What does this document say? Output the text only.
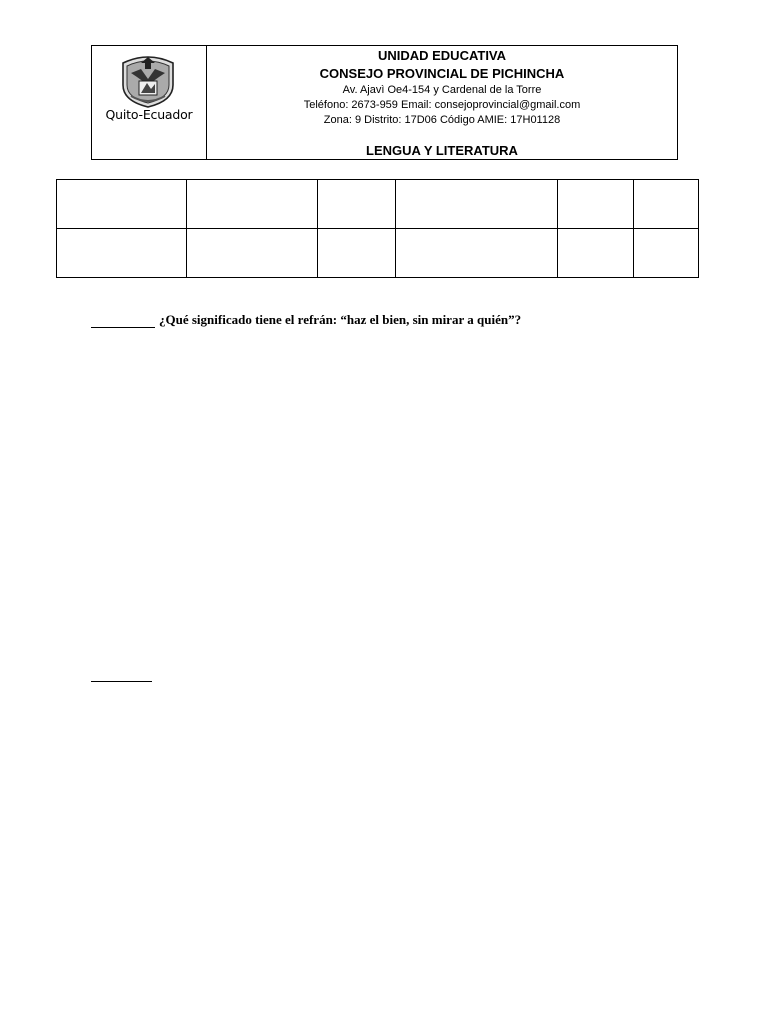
Quito-Ecuador
UNIDAD EDUCATIVA
CONSEJO PROVINCIAL DE PICHINCHA
Av. Ajavì Oe4-154 y Cardenal de la Torre
Teléfono: 2673-959 Email: consejoprovincial@gmail.com
Zona: 9 Distrito: 17D06 Código AMIE: 17H01128
LENGUA Y LITERATURA

¿Qué significado tiene el refrán: “haz el bien, sin mirar a quién”?
